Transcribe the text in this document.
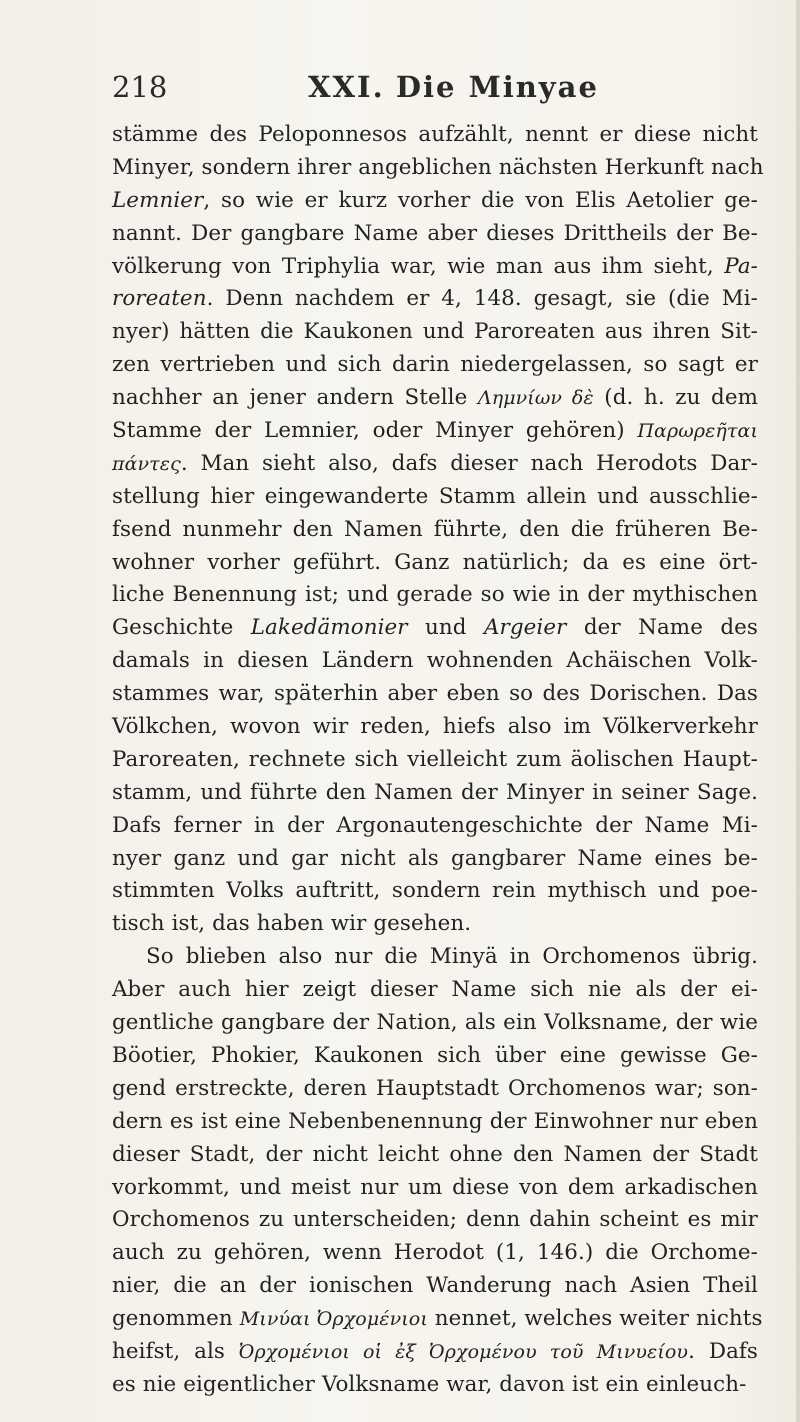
218	XXI. Die Minyae
stämme des Peloponnesos aufzählt, nennt er diese nicht
Minyer, sondern ihrer angeblichen nächsten Herkunft nach
Lemnier, so wie er kurz vorher die von Elis Aetolier ge-
nannt. Der gangbare Name aber dieses Drittheils der Be-
völkerung von Triphylia war, wie man aus ihm sieht, Pa-
roreaten. Denn nachdem er 4, 148. gesagt, sie (die Mi-
nyer) hätten die Kaukonen und Paroreaten aus ihren Sit-
zen vertrieben und sich darin niedergelassen, so sagt er
nachher an jener andern Stelle Λημνίων δὲ (d. h. zu dem
Stamme der Lemnier, oder Minyer gehören) Παρωρεῆται
πάντες. Man sieht also, dafs dieser nach Herodots Dar-
stellung hier eingewanderte Stamm allein und ausschlie-
fsend nunmehr den Namen führte, den die früheren Be-
wohner vorher geführt. Ganz natürlich; da es eine ört-
liche Benennung ist; und gerade so wie in der mythischen
Geschichte Lakedämonier und Argeier der Name des
damals in diesen Ländern wohnenden Achäischen Volk-
stammes war, späterhin aber eben so des Dorischen. Das
Völkchen, wovon wir reden, hiefs also im Völkerverkehr
Paroreaten, rechnete sich vielleicht zum äolischen Haupt-
stamm, und führte den Namen der Minyer in seiner Sage.
Dafs ferner in der Argonautengeschichte der Name Mi-
nyer ganz und gar nicht als gangbarer Name eines be-
stimmten Volks auftritt, sondern rein mythisch und poe-
tisch ist, das haben wir gesehen.
So blieben also nur die Minyä in Orchomenos übrig.
Aber auch hier zeigt dieser Name sich nie als der ei-
gentliche gangbare der Nation, als ein Volksname, der wie
Böotier, Phokier, Kaukonen sich über eine gewisse Ge-
gend erstreckte, deren Hauptstadt Orchomenos war; son-
dern es ist eine Nebenbenennung der Einwohner nur eben
dieser Stadt, der nicht leicht ohne den Namen der Stadt
vorkommt, und meist nur um diese von dem arkadischen
Orchomenos zu unterscheiden; denn dahin scheint es mir
auch zu gehören, wenn Herodot (1, 146.) die Orchome-
nier, die an der ionischen Wanderung nach Asien Theil
genommen Μινύαι Ὀρχομένιοι nennet, welches weiter nichts
heifst, als Ὀρχομένιοι οἱ ἐξ Ὀρχομένου τοῦ Μινυείου. Dafs
es nie eigentlicher Volksname war, davon ist ein einleuch-
